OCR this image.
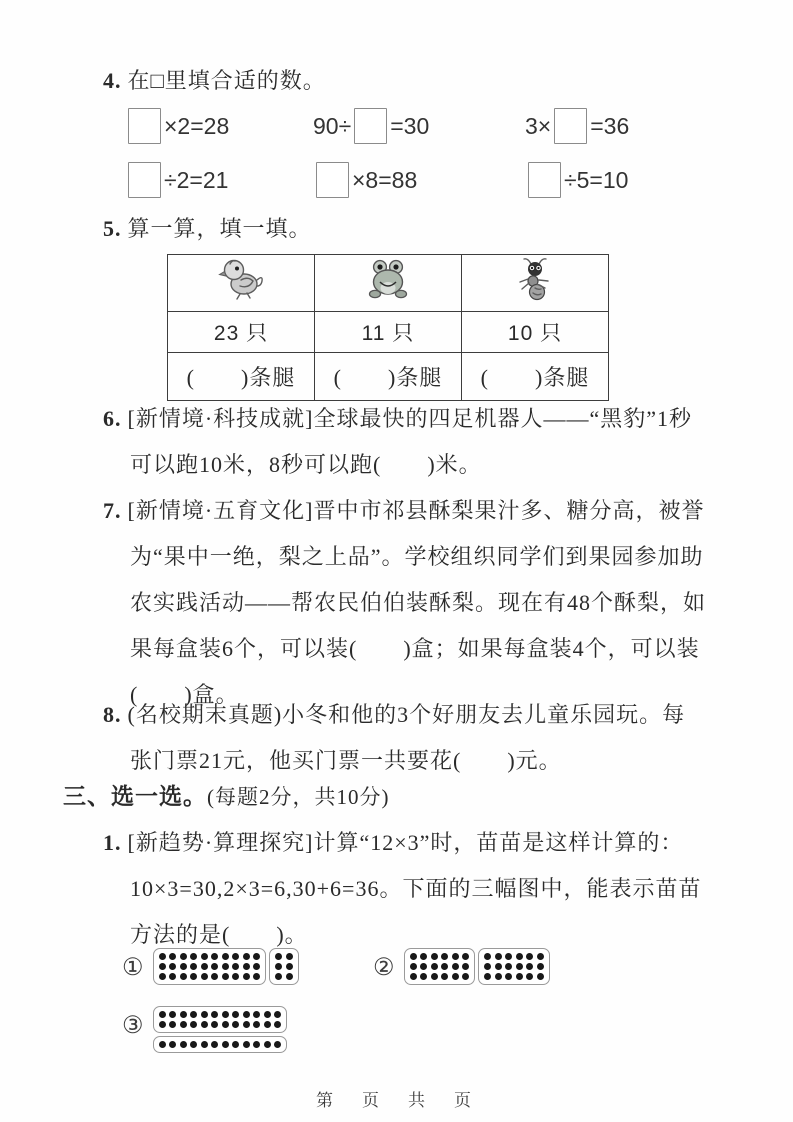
4. 在□里填合适的数。
×2=28	90÷ =30	3× =36
÷2=21	×8=88	÷5=10
5. 算一算，填一填。

23 只	11 只	10 只
(　　)条腿	(　　)条腿	(　　)条腿
6. [新情境·科技成就]全球最快的四足机器人——“黑豹”1秒
可以跑10米，8秒可以跑(　　)米。
7. [新情境·五育文化]晋中市祁县酥梨果汁多、糖分高，被誉
为“果中一绝，梨之上品”。学校组织同学们到果园参加助
农实践活动——帮农民伯伯装酥梨。现在有48个酥梨，如
果每盒装6个，可以装(　　)盒；如果每盒装4个，可以装
(　　)盒。
8. (名校期末真题)小冬和他的3个好朋友去儿童乐园玩。每
张门票21元，他买门票一共要花(　　)元。
三、选一选。(每题2分，共10分)
1. [新趋势·算理探究]计算“12×3”时，苗苗是这样计算的：
10×3=30,2×3=6,30+6=36。下面的三幅图中，能表示苗苗
方法的是(　　)。
①	②
③
第　页　共　页
